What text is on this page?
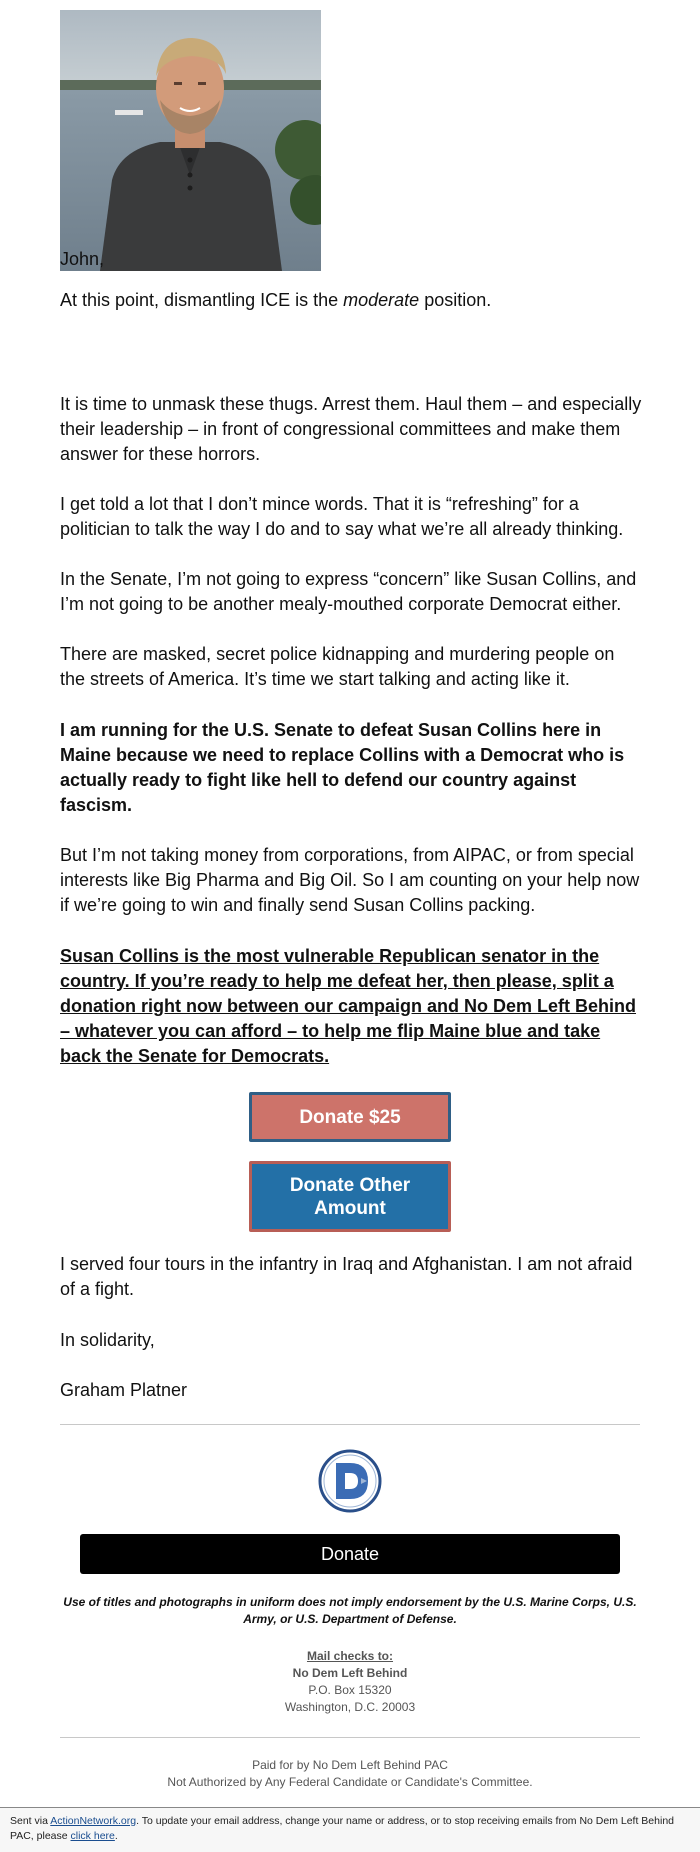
John,

At this point, dismantling ICE is the moderate position.

It is time to unmask these thugs. Arrest them. Haul them – and especially their leadership – in front of congressional committees and make them answer for these horrors.

I get told a lot that I don’t mince words. That it is “refreshing” for a politician to talk the way I do and to say what we’re all already thinking.

In the Senate, I’m not going to express “concern” like Susan Collins, and I’m not going to be another mealy-mouthed corporate Democrat either.

There are masked, secret police kidnapping and murdering people on the streets of America. It’s time we start talking and acting like it.

I am running for the U.S. Senate to defeat Susan Collins here in Maine because we need to replace Collins with a Democrat who is actually ready to fight like hell to defend our country against fascism.

But I’m not taking money from corporations, from AIPAC, or from special interests like Big Pharma and Big Oil. So I am counting on your help now if we’re going to win and finally send Susan Collins packing.

Susan Collins is the most vulnerable Republican senator in the country. If you’re ready to help me defeat her, then please, split a donation right now between our campaign and No Dem Left Behind – whatever you can afford – to help me flip Maine blue and take back the Senate for Democrats.

Donate $25
Donate Other Amount

I served four tours in the infantry in Iraq and Afghanistan. I am not afraid of a fight.

In solidarity,

Graham Platner

Donate
Use of titles and photographs in uniform does not imply endorsement by the U.S. Marine Corps, U.S. Army, or U.S. Department of Defense.
Mail checks to:
No Dem Left Behind
P.O. Box 15320
Washington, D.C. 20003
Paid for by No Dem Left Behind PAC
Not Authorized by Any Federal Candidate or Candidate's Committee.
Sent via ActionNetwork.org. To update your email address, change your name or address, or to stop receiving emails from No Dem Left Behind PAC, please click here.
